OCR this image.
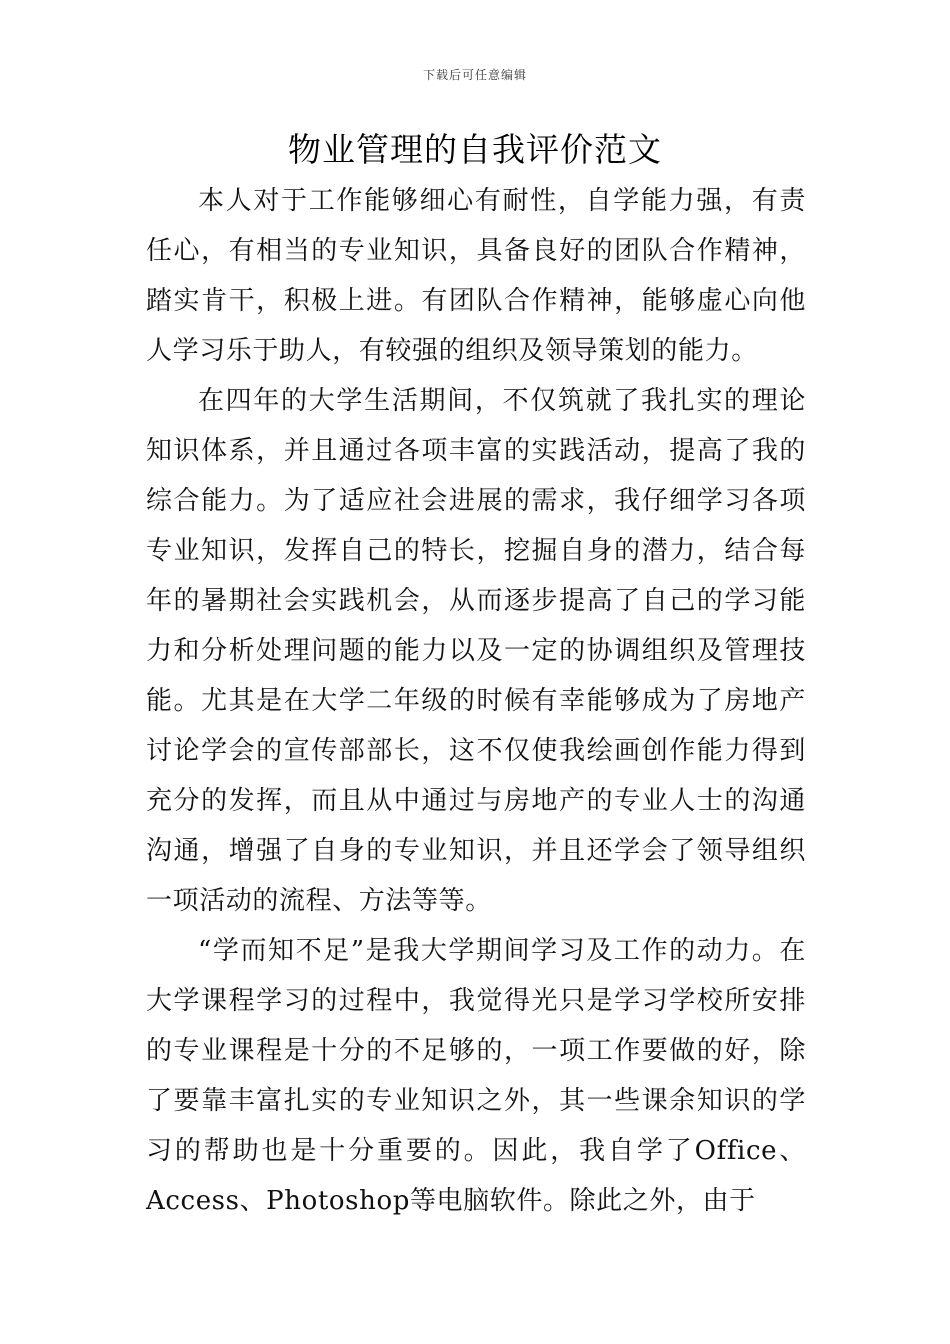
下载后可任意编辑
物业管理的自我评价范文

本人对于工作能够细心有耐性，自学能力强，有责任心，有相当的专业知识，具备良好的团队合作精神，踏实肯干，积极上进。有团队合作精神，能够虚心向他人学习乐于助人，有较强的组织及领导策划的能力。

在四年的大学生活期间，不仅筑就了我扎实的理论知识体系，并且通过各项丰富的实践活动，提高了我的综合能力。为了适应社会进展的需求，我仔细学习各项专业知识，发挥自己的特长，挖掘自身的潜力，结合每年的暑期社会实践机会，从而逐步提高了自己的学习能力和分析处理问题的能力以及一定的协调组织及管理技能。尤其是在大学二年级的时候有幸能够成为了房地产讨论学会的宣传部部长，这不仅使我绘画创作能力得到充分的发挥，而且从中通过与房地产的专业人士的沟通沟通，增强了自身的专业知识，并且还学会了领导组织一项活动的流程、方法等等。

“学而知不足”是我大学期间学习及工作的动力。在大学课程学习的过程中，我觉得光只是学习学校所安排的专业课程是十分的不足够的，一项工作要做的好，除了要靠丰富扎实的专业知识之外，其一些课余知识的学习的帮助也是十分重要的。因此，我自学了Office、Access、Photoshop等电脑软件。除此之外，由于
